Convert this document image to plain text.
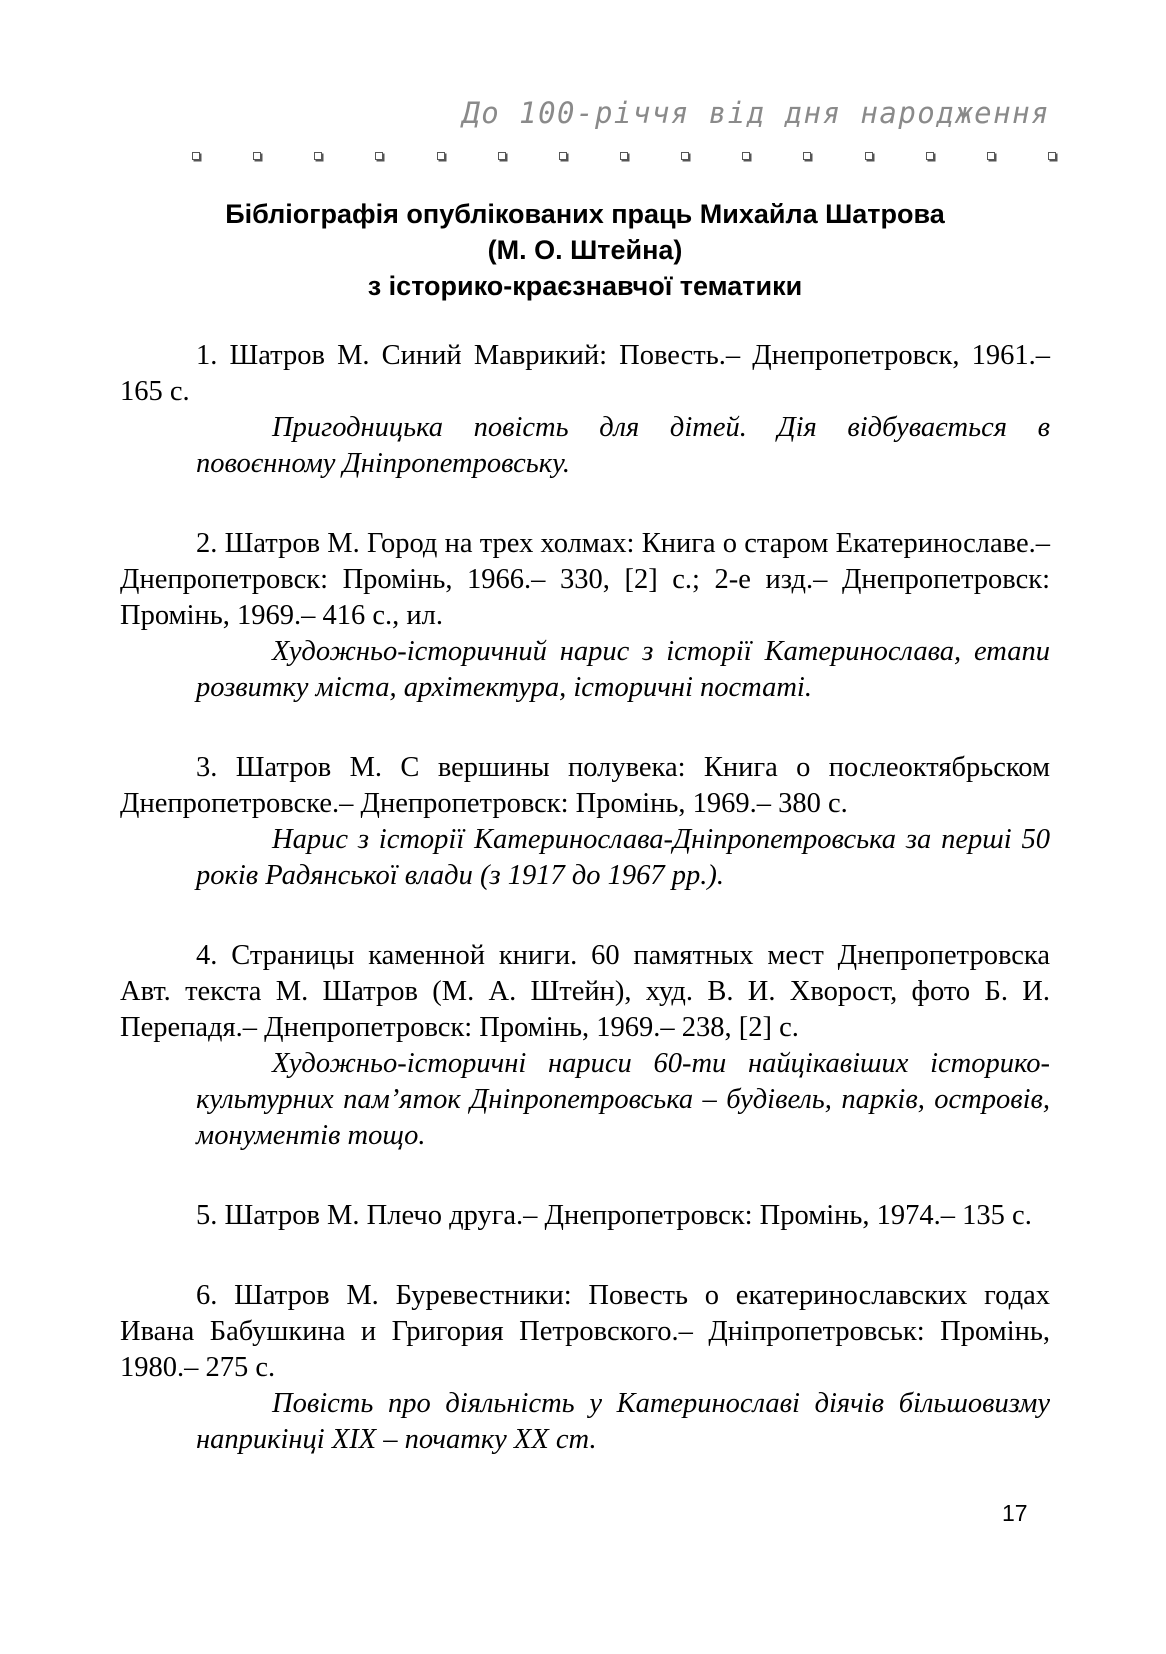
До 100-річчя від дня народження
Бібліографія опублікованих праць Михайла Шатрова
(М. О. Штейна)
з історико-краєзнавчої тематики

1. Шатров М. Синий Маврикий: Повесть.– Днепропетровск, 1961.– 165 с.

Пригодницька повість для дітей. Дія відбувається в повоєнному Дніпропетровську.

2. Шатров М. Город на трех холмах: Книга о старом Екатеринославе.– Днепропетровск: Промінь, 1966.– 330, [2] с.; 2-е изд.– Днепропетровск: Промінь, 1969.– 416 с., ил.

Художньо-історичний нарис з історії Катеринослава, етапи розвитку міста, архітектура, історичні постаті.

3. Шатров М. С вершины полувека: Книга о послеоктябрьском Днепропетровске.– Днепропетровск: Промінь, 1969.– 380 с.

Нарис з історії Катеринослава-Дніпропетровська за перші 50 років Радянської влади (з 1917 до 1967 рр.).

4. Страницы каменной книги. 60 памятных мест Днепропетровска Авт. текста М. Шатров (М. А. Штейн), худ. В. И. Хворост, фото Б. И. Перепадя.– Днепропетровск: Промінь, 1969.– 238, [2] с.

Художньо-історичні нариси 60-ти найцікавіших історико-культурних пам’яток Дніпропетровська – будівель, парків, островів, монументів тощо.

5. Шатров М. Плечо друга.– Днепропетровск: Промінь, 1974.– 135 с.

6. Шатров М. Буревестники: Повесть о екатеринославских годах Ивана Бабушкина и Григория Петровского.– Дніпропетровськ: Промінь, 1980.– 275 с.

Повість про діяльність у Катеринославі діячів більшовизму наприкінці XIX – початку XX ст.

17
